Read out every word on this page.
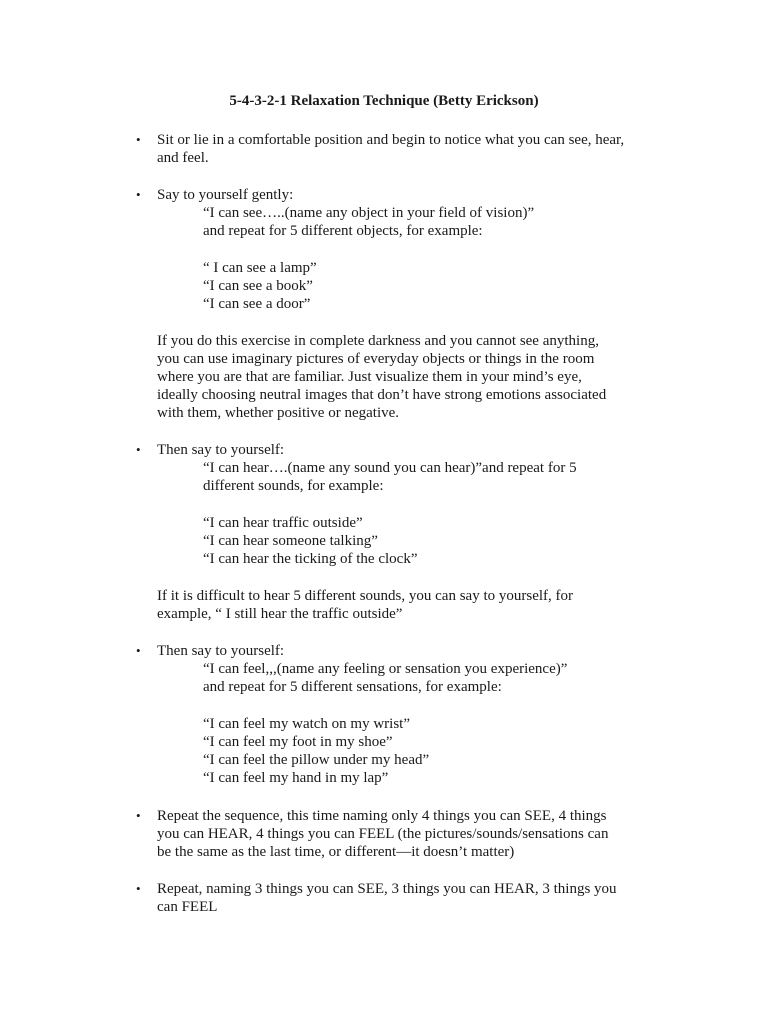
5-4-3-2-1 Relaxation Technique (Betty Erickson)
• Sit or lie in a comfortable position and begin to notice what you can see, hear,
and feel.
• Say to yourself gently:
“I can see…..(name any object in your field of vision)”
and repeat for 5 different objects, for example:
“ I can see a lamp”
“I can see a book”
“I can see a door”
If you do this exercise in complete darkness and you cannot see anything,
you can use imaginary pictures of everyday objects or things in the room
where you are that are familiar. Just visualize them in your mind’s eye,
ideally choosing neutral images that don’t have strong emotions associated
with them, whether positive or negative.
• Then say to yourself:
“I can hear….(name any sound you can hear)”and repeat for 5
different sounds, for example:
“I can hear traffic outside”
“I can hear someone talking”
“I can hear the ticking of the clock”
If it is difficult to hear 5 different sounds, you can say to yourself, for
example, “ I still hear the traffic outside”
• Then say to yourself:
“I can feel,,,(name any feeling or sensation you experience)”
and repeat for 5 different sensations, for example:
“I can feel my watch on my wrist”
“I can feel my foot in my shoe”
“I can feel the pillow under my head”
“I can feel my hand in my lap”
• Repeat the sequence, this time naming only 4 things you can SEE, 4 things
you can HEAR, 4 things you can FEEL (the pictures/sounds/sensations can
be the same as the last time, or different—it doesn’t matter)
• Repeat, naming 3 things you can SEE, 3 things you can HEAR, 3 things you
can FEEL
